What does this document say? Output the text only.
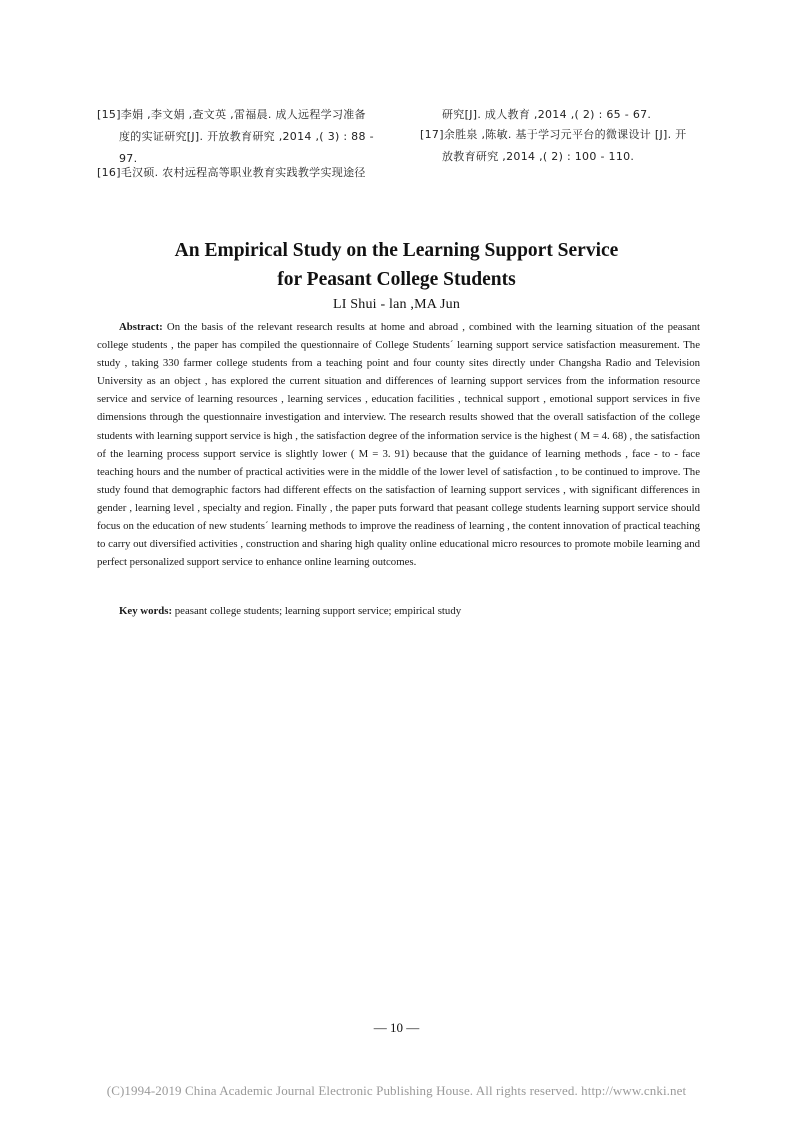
[15]李娟 ,李文娟 ,查文英 ,雷福晨. 成人远程学习准备
度的实证研究[J]. 开放教育研究 ,2014 ,( 3) : 88 -
97.
[16]毛汉硕. 农村远程高等职业教育实践教学实现途径
研究[J]. 成人教育 ,2014 ,( 2) : 65 - 67.
[17]余胜泉 ,陈敏. 基于学习元平台的微课设计 [J]. 开
放教育研究 ,2014 ,( 2) : 100 - 110.
An Empirical Study on the Learning Support Service
for Peasant College Students
LI Shui - lan ,MA Jun

Abstract: On the basis of the relevant research results at home and abroad , combined with the learning situation of the peasant college students , the paper has compiled the questionnaire of College Students´ learning support service satisfaction measurement. The study , taking 330 farmer college students from a teaching point and four county sites directly under Changsha Radio and Television University as an object , has explored the current situation and differences of learning support services from the information resource service and service of learning resources , learning services , education facilities , technical support , emotional support services in five dimensions through the questionnaire investigation and interview. The research results showed that the overall satisfaction of the college students with learning support service is high , the satisfaction degree of the information service is the highest ( M = 4. 68) , the satisfaction of the learning process support service is slightly lower ( M = 3. 91) because that the guidance of learning methods , face - to - face teaching hours and the number of practical activities were in the middle of the lower level of satisfaction , to be continued to improve. The study found that demographic factors had different effects on the satisfaction of learning support services , with significant differences in gender , learning level , specialty and region. Finally , the paper puts forward that peasant college students learning support service should focus on the education of new students´ learning methods to improve the readiness of learning , the content innovation of practical teaching to carry out diversified activities , construction and sharing high quality online educational micro resources to promote mobile learning and perfect personalized support service to enhance online learning outcomes.

Key words: peasant college students; learning support service; empirical study
— 10 —
(C)1994-2019 China Academic Journal Electronic Publishing House. All rights reserved. http://www.cnki.net
